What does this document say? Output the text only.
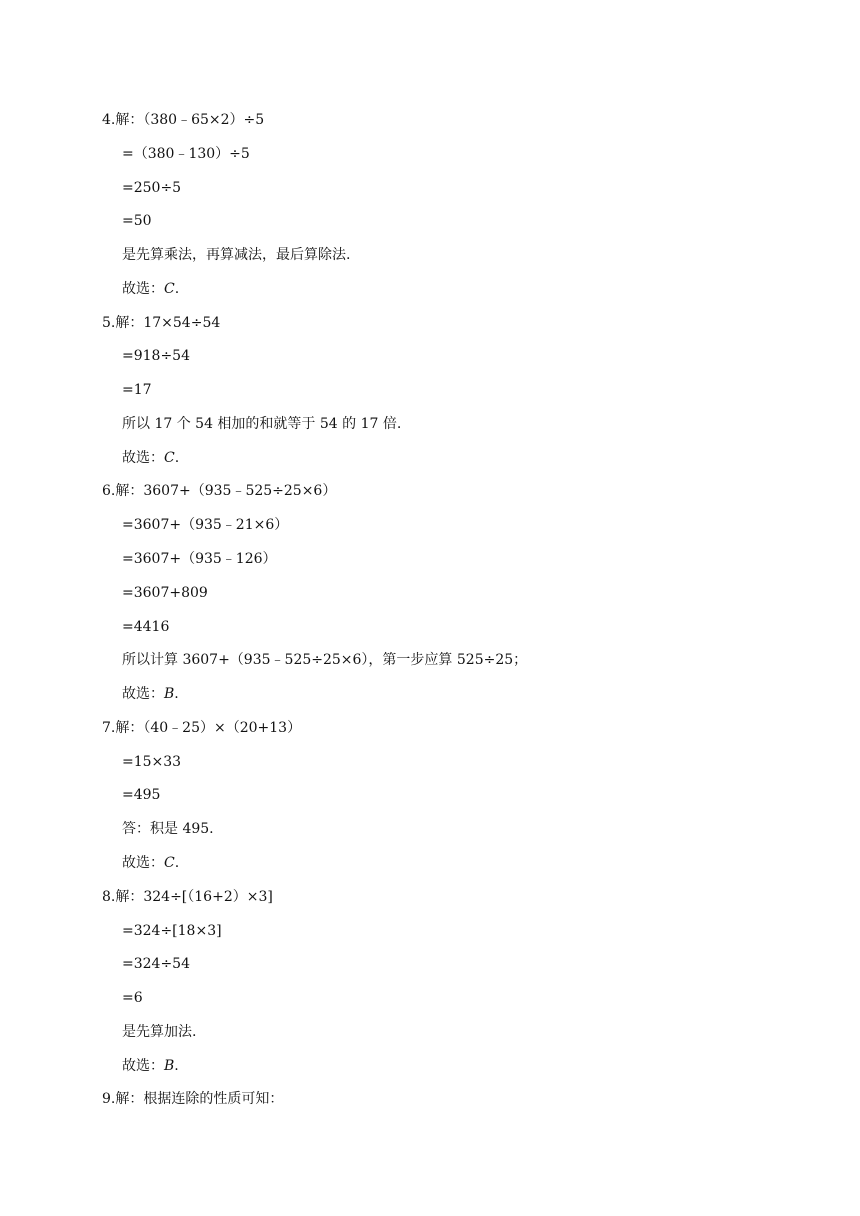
4.解：（380﹣65×2）÷5
=（380﹣130）÷5
=250÷5
=50
是先算乘法，再算减法，最后算除法.
故选：C.
5.解：17×54÷54
=918÷54
=17
所以 17 个 54 相加的和就等于 54 的 17 倍.
故选：C.
6.解：3607+（935﹣525÷25×6）
=3607+（935﹣21×6）
=3607+（935﹣126）
=3607+809
=4416
所以计算 3607+（935﹣525÷25×6），第一步应算 525÷25；
故选：B.
7.解：（40﹣25）×（20+13）
=15×33
=495
答：积是 495.
故选：C.
8.解：324÷[（16+2）×3]
=324÷[18×3]
=324÷54
=6
是先算加法.
故选：B.
9.解：根据连除的性质可知：
